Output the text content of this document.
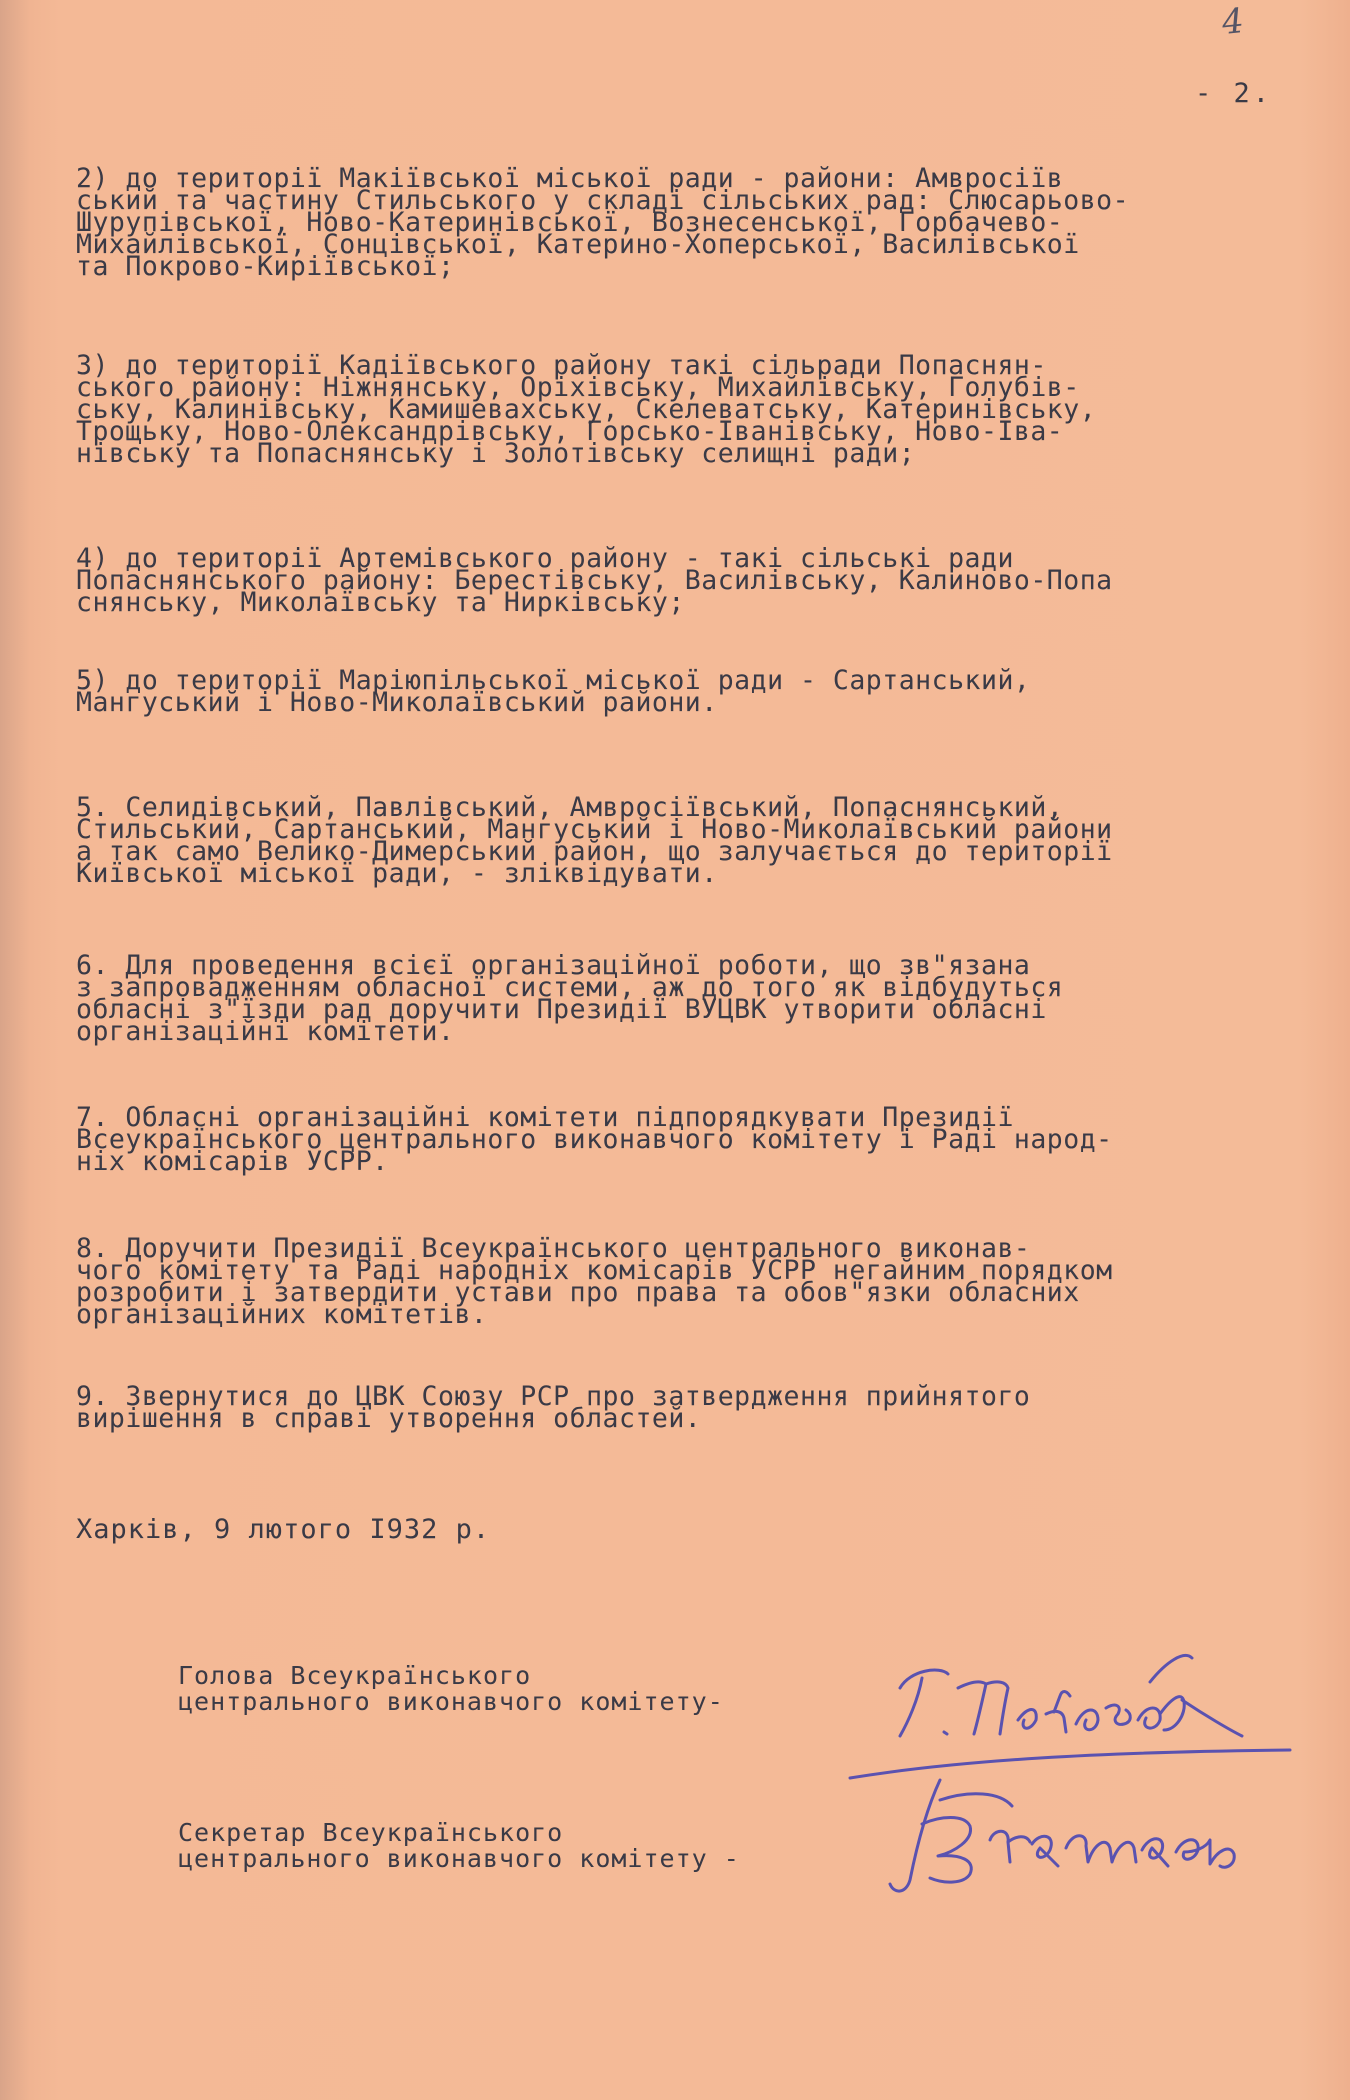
4
- 2.

2) до території Макіївської міської ради - райони: Амвросіїв
ський та частину Стильського у складі сільських рад: Слюсарьово-
Шурупівської, Ново-Катеринівської, Вознесенської, Горбачево-
Михайлівської, Сонцівської, Катерино-Хоперської, Василівської
та Покрово-Киріївської;

3) до території Кадіївського району такі сільради Попаснян-
ського району: Ніжнянську, Оріхівську, Михайлівську, Голубів-
ську, Калинівську, Камишевахську, Скелеватську, Катеринівську,
Трощьку, Ново-Олександрівську, Горсько-Іванівську, Ново-Іва-
нівську та Попаснянську і Золотівську селищні ради;

4) до території Артемівського району - такі сільські ради
Попаснянського району: Берестівську, Василівську, Калиново-Попа
снянську, Миколаївську та Нирківську;

5) до території Маріюпільської міської ради - Сартанський,
Мангуський і Ново-Миколаївський райони.

5. Селидівський, Павлівський, Амвросіївський, Попаснянський,
Стильський, Сартанський, Мангуський і Ново-Миколаївський райони
а так само Велико-Димерський район, що залучається до території
Київської міської ради, - зліквідувати.

6. Для проведення всієї організаційної роботи, що зв"язана
з запровадженням обласної системи, аж до того як відбудуться
обласні з"їзди рад доручити Президії ВУЦВК утворити обласні
організаційні комітети.

7. Обласні організаційні комітети підпорядкувати Президії
Всеукраїнського центрального виконавчого комітету і Раді народ-
ніх комісарів УСРР.

8. Доручити Президії Всеукраїнського центрального виконав-
чого комітету та Раді народніх комісарів УСРР негайним порядком
розробити і затвердити устави про права та обов"язки обласних
організаційних комітетів.

9. Звернутися до ЦВК Союзу РСР про затвердження прийнятого
вирішення в справі утворення областей.

Харків, 9 лютого I932 р.
Голова Всеукраїнського
центрального виконавчого комітету-
Секретар Всеукраїнського
центрального виконавчого комітету -
Г. Петровський
Васильєв
